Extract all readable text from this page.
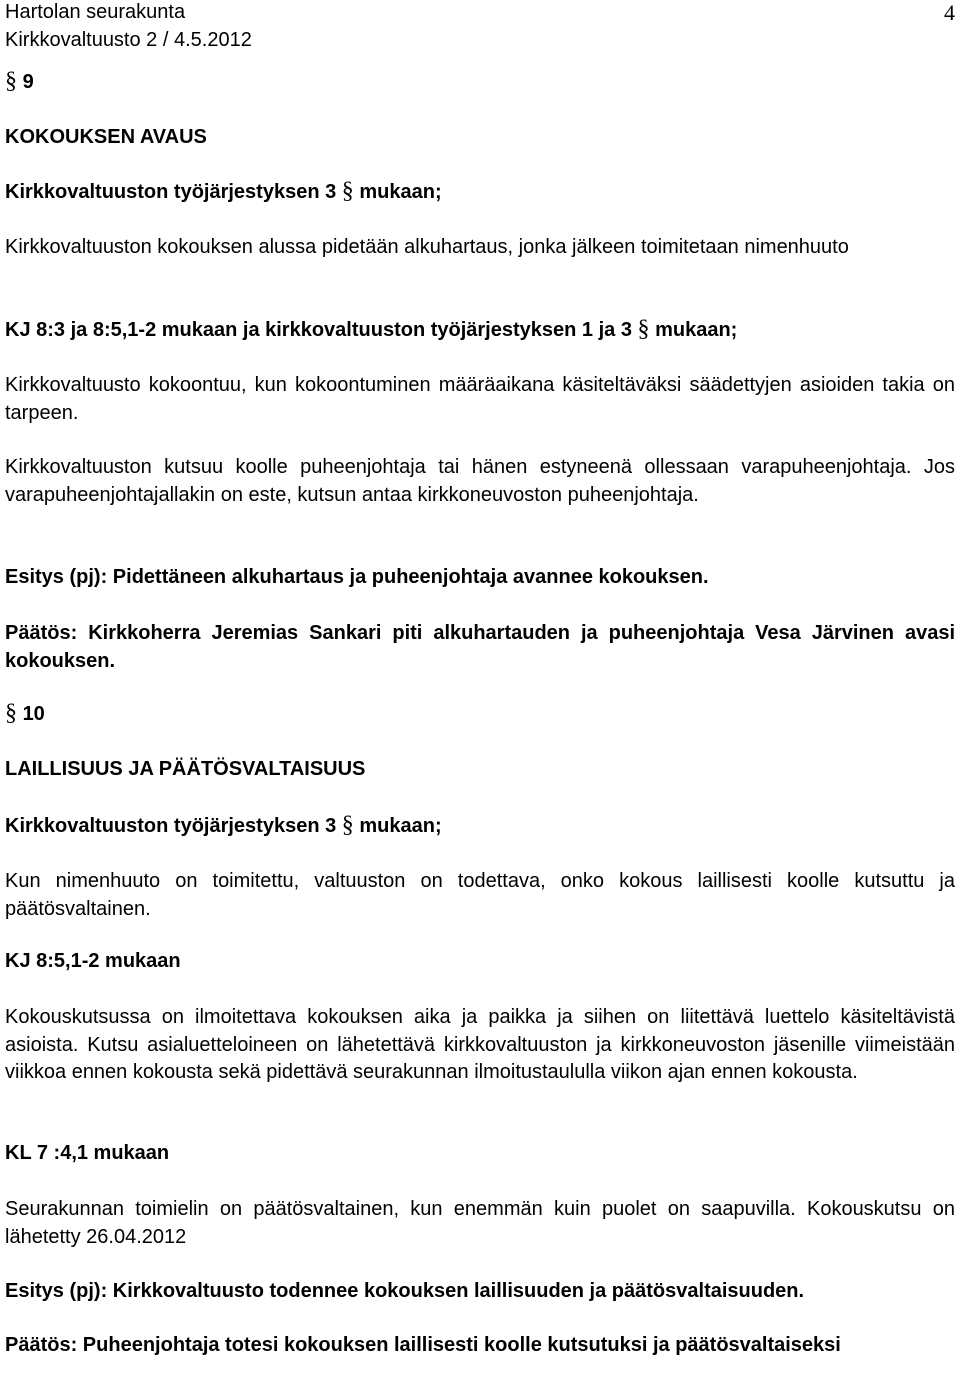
Hartolan seurakunta
Kirkkovaltuusto 2 / 4.5.2012
4
§ 9
KOKOUKSEN AVAUS
Kirkkovaltuuston työjärjestyksen 3 § mukaan;
Kirkkovaltuuston kokouksen alussa pidetään alkuhartaus, jonka jälkeen toimitetaan nimenhuuto
KJ 8:3 ja 8:5,1-2 mukaan ja kirkkovaltuuston työjärjestyksen 1 ja 3 § mukaan;
Kirkkovaltuusto kokoontuu, kun kokoontuminen määräaikana käsiteltäväksi säädettyjen asioiden takia on tarpeen.
Kirkkovaltuuston kutsuu koolle puheenjohtaja tai hänen estyneenä ollessaan varapuheenjohtaja. Jos varapuheenjohtajallakin on este, kutsun antaa kirkkoneuvoston puheenjohtaja.
Esitys (pj): Pidettäneen alkuhartaus ja puheenjohtaja avannee kokouksen.
Päätös: Kirkkoherra Jeremias Sankari piti alkuhartauden ja puheenjohtaja Vesa Järvinen avasi kokouksen.
§ 10
LAILLISUUS JA PÄÄTÖSVALTAISUUS
Kirkkovaltuuston työjärjestyksen 3 § mukaan;
Kun nimenhuuto on toimitettu, valtuuston on todettava, onko kokous laillisesti koolle kutsuttu ja päätösvaltainen.
KJ 8:5,1-2 mukaan
Kokouskutsussa on ilmoitettava kokouksen aika ja paikka ja siihen on liitettävä luettelo käsiteltävistä asioista. Kutsu asialuetteloineen on lähetettävä kirkkovaltuuston ja kirkkoneuvoston jäsenille viimeistään viikkoa ennen kokousta sekä pidettävä seurakunnan ilmoitustaululla viikon ajan ennen kokousta.
KL 7 :4,1 mukaan
Seurakunnan toimielin on päätösvaltainen, kun enemmän kuin puolet on saapuvilla. Kokouskutsu on lähetetty 26.04.2012
Esitys (pj): Kirkkovaltuusto todennee kokouksen laillisuuden ja päätösvaltaisuuden.
Päätös: Puheenjohtaja totesi kokouksen laillisesti koolle kutsutuksi ja päätösvaltaiseksi
